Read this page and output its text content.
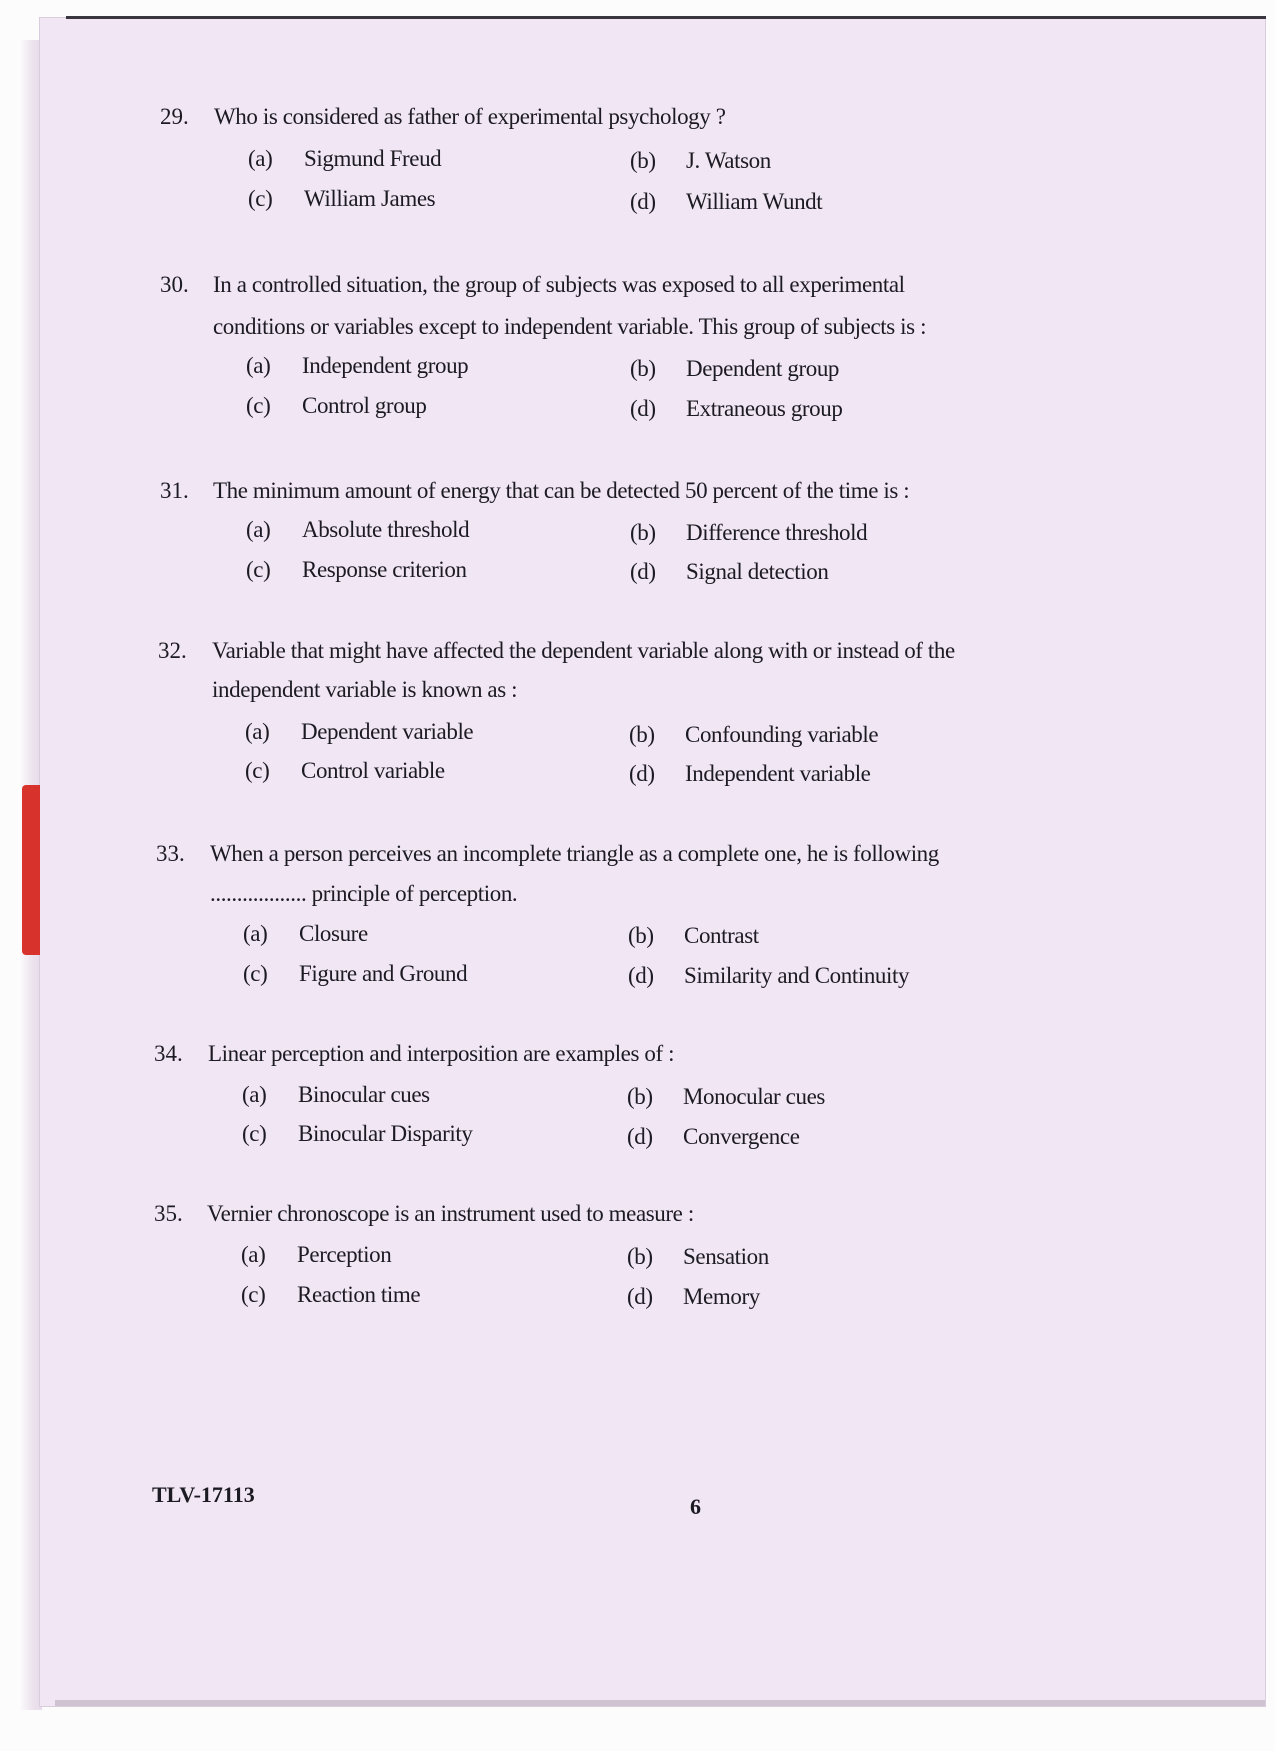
29. Who is considered as father of experimental psychology ?
(a) Sigmund Freud	(b) J. Watson
(c) William James	(d) William Wundt
30. In a controlled situation, the group of subjects was exposed to all experimental
conditions or variables except to independent variable. This group of subjects is :
(a) Independent group	(b) Dependent group
(c) Control group	(d) Extraneous group
31. The minimum amount of energy that can be detected 50 percent of the time is :
(a) Absolute threshold	(b) Difference threshold
(c) Response criterion	(d) Signal detection
32. Variable that might have affected the dependent variable along with or instead of the
independent variable is known as :
(a) Dependent variable	(b) Confounding variable
(c) Control variable	(d) Independent variable
33. When a person perceives an incomplete triangle as a complete one, he is following
.................. principle of perception.
(a) Closure	(b) Contrast
(c) Figure and Ground	(d) Similarity and Continuity
34. Linear perception and interposition are examples of :
(a) Binocular cues	(b) Monocular cues
(c) Binocular Disparity	(d) Convergence
35. Vernier chronoscope is an instrument used to measure :
(a) Perception	(b) Sensation
(c) Reaction time	(d) Memory
TLV-17113	6
